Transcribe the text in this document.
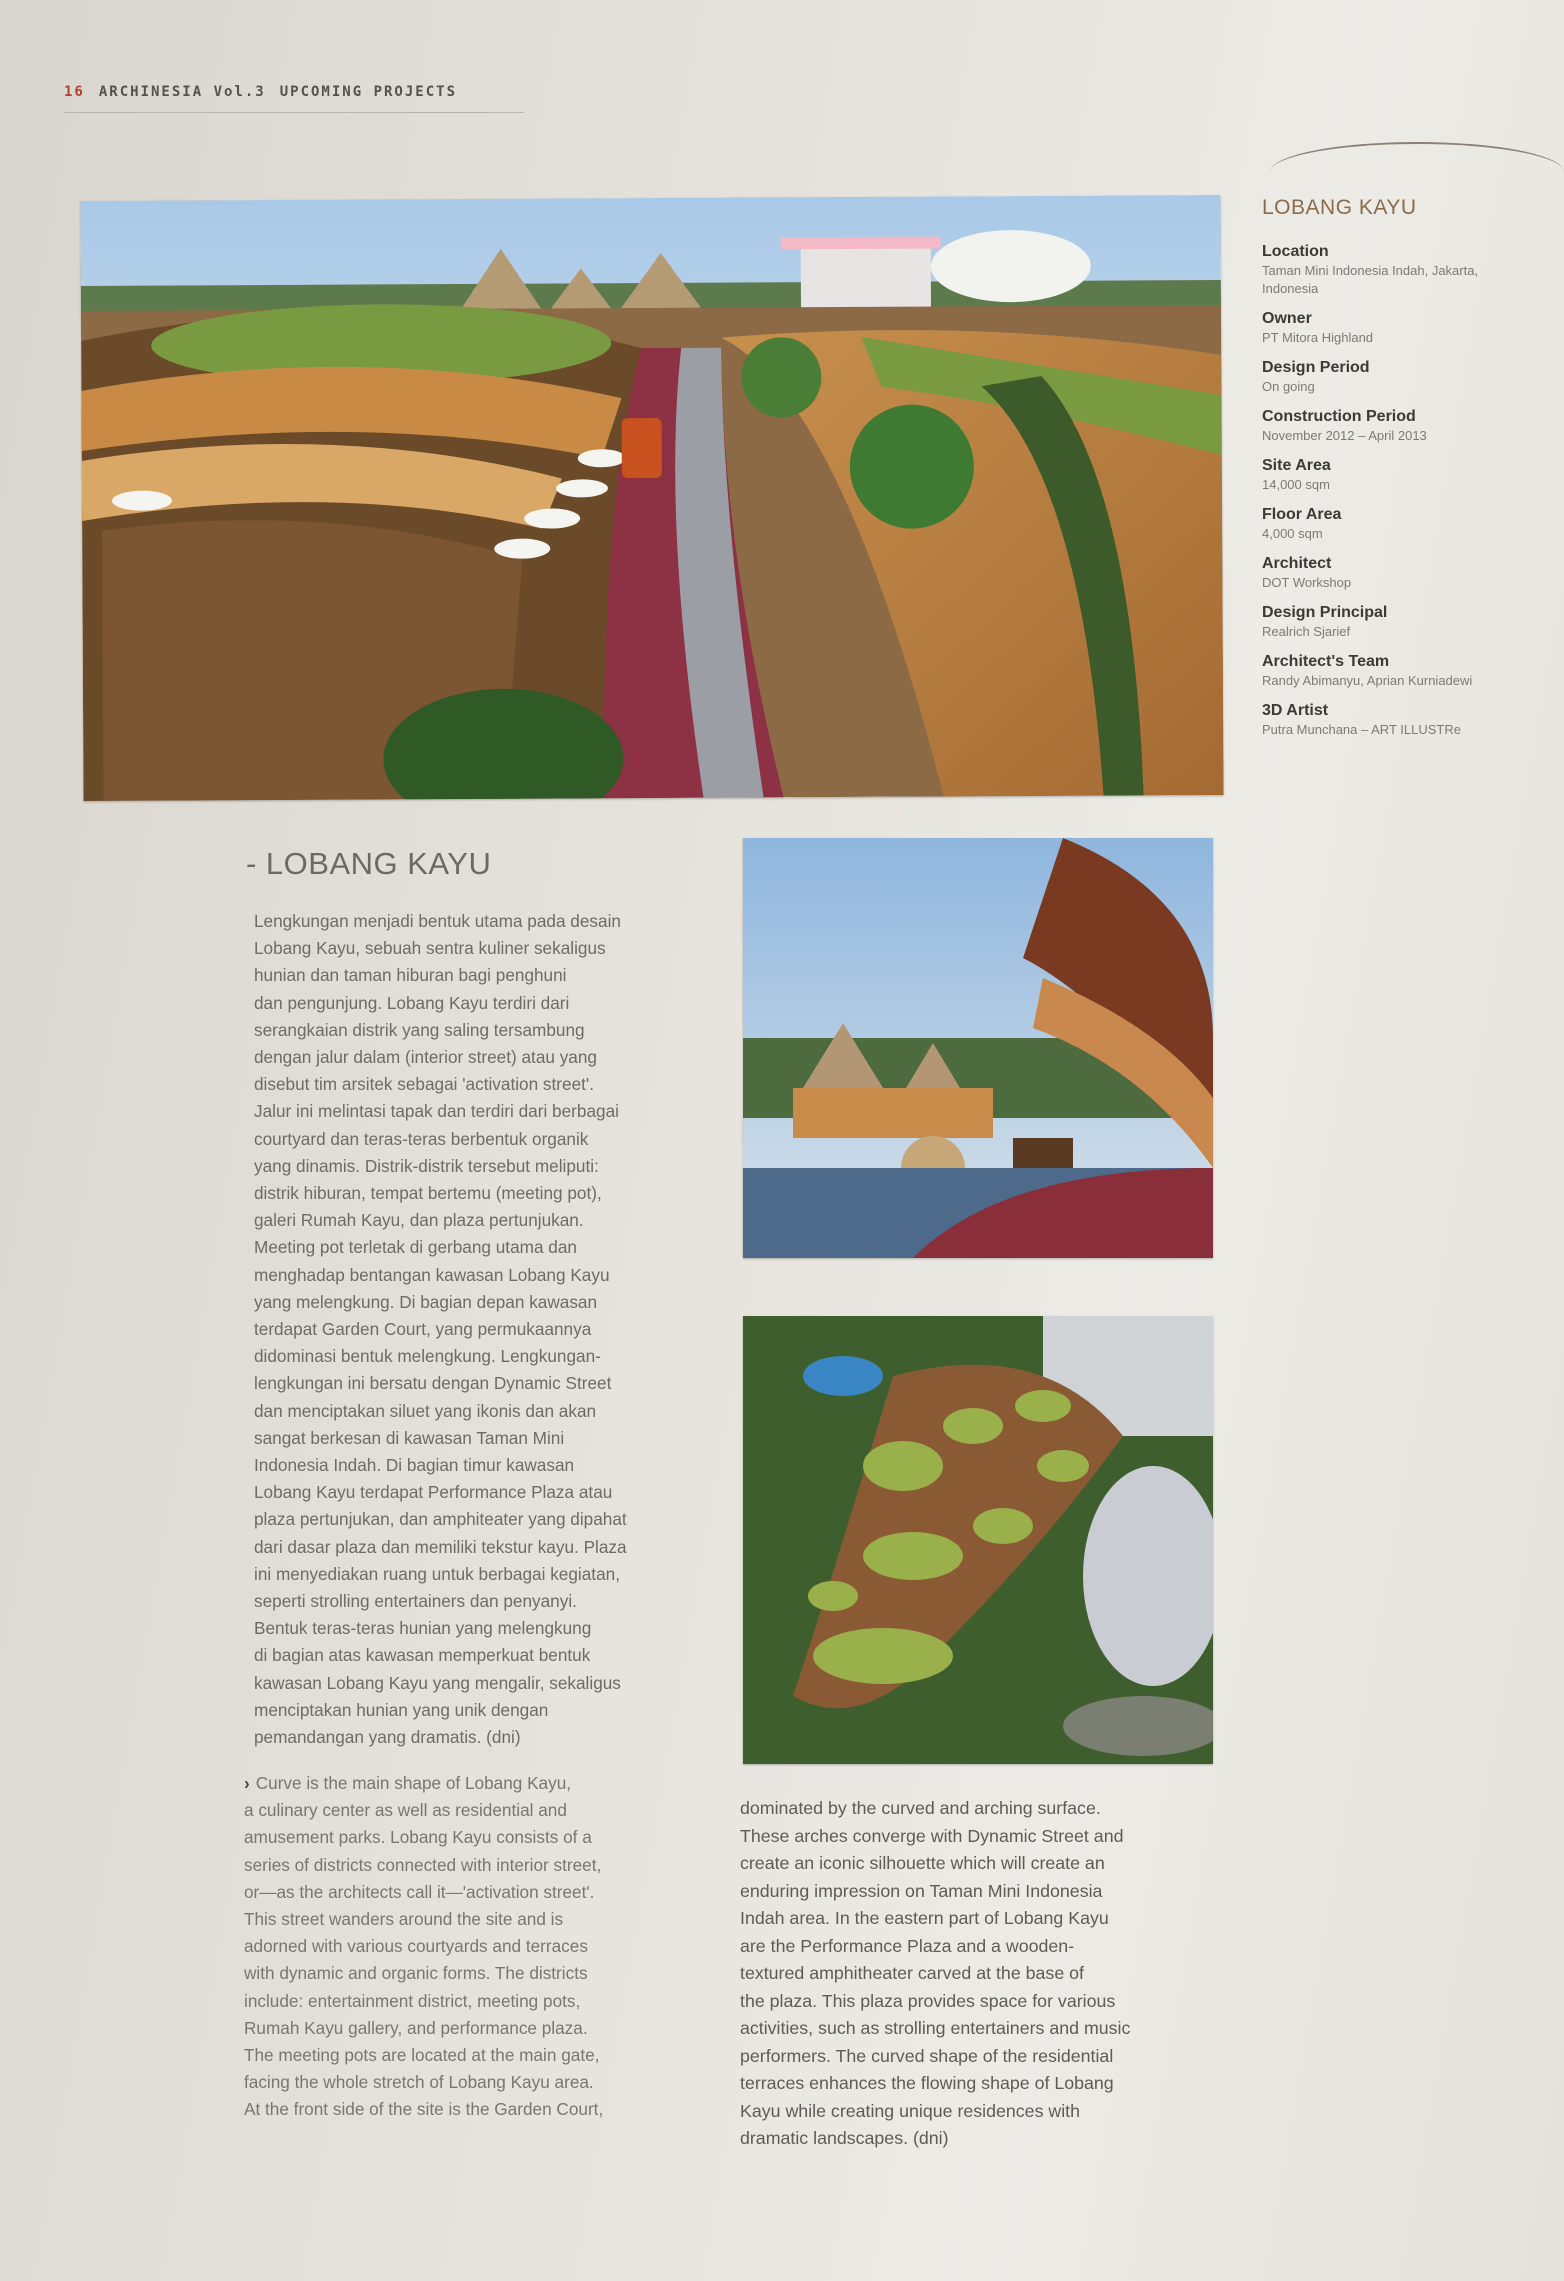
16 ARCHINESIA Vol.3 UPCOMING PROJECTS
LOBANG KAYU
Location
Taman Mini Indonesia Indah, Jakarta, Indonesia
Owner
PT Mitora Highland
Design Period
On going
Construction Period
November 2012 – April 2013
Site Area
14,000 sqm
Floor Area
4,000 sqm
Architect
DOT Workshop
Design Principal
Realrich Sjarief
Architect's Team
Randy Abimanyu, Aprian Kurniadewi
3D Artist
Putra Munchana – ART ILLUSTRe
- LOBANG KAYU
Lengkungan menjadi bentuk utama pada desain
Lobang Kayu, sebuah sentra kuliner sekaligus
hunian dan taman hiburan bagi penghuni
dan pengunjung. Lobang Kayu terdiri dari
serangkaian distrik yang saling tersambung
dengan jalur dalam (interior street) atau yang
disebut tim arsitek sebagai 'activation street'.
Jalur ini melintasi tapak dan terdiri dari berbagai
courtyard dan teras-teras berbentuk organik
yang dinamis. Distrik-distrik tersebut meliputi:
distrik hiburan, tempat bertemu (meeting pot),
galeri Rumah Kayu, dan plaza pertunjukan.
Meeting pot terletak di gerbang utama dan
menghadap bentangan kawasan Lobang Kayu
yang melengkung. Di bagian depan kawasan
terdapat Garden Court, yang permukaannya
didominasi bentuk melengkung. Lengkungan-
lengkungan ini bersatu dengan Dynamic Street
dan menciptakan siluet yang ikonis dan akan
sangat berkesan di kawasan Taman Mini
Indonesia Indah. Di bagian timur kawasan
Lobang Kayu terdapat Performance Plaza atau
plaza pertunjukan, dan amphiteater yang dipahat
dari dasar plaza dan memiliki tekstur kayu. Plaza
ini menyediakan ruang untuk berbagai kegiatan,
seperti strolling entertainers dan penyanyi.
Bentuk teras-teras hunian yang melengkung
di bagian atas kawasan memperkuat bentuk
kawasan Lobang Kayu yang mengalir, sekaligus
menciptakan hunian yang unik dengan
pemandangan yang dramatis. (dni)
› Curve is the main shape of Lobang Kayu,
a culinary center as well as residential and
amusement parks. Lobang Kayu consists of a
series of districts connected with interior street,
or—as the architects call it—'activation street'.
This street wanders around the site and is
adorned with various courtyards and terraces
with dynamic and organic forms. The districts
include: entertainment district, meeting pots,
Rumah Kayu gallery, and performance plaza.
The meeting pots are located at the main gate,
facing the whole stretch of Lobang Kayu area.
At the front side of the site is the Garden Court,
dominated by the curved and arching surface.
These arches converge with Dynamic Street and
create an iconic silhouette which will create an
enduring impression on Taman Mini Indonesia
Indah area. In the eastern part of Lobang Kayu
are the Performance Plaza and a wooden-
textured amphitheater carved at the base of
the plaza. This plaza provides space for various
activities, such as strolling entertainers and music
performers. The curved shape of the residential
terraces enhances the flowing shape of Lobang
Kayu while creating unique residences with
dramatic landscapes. (dni)
